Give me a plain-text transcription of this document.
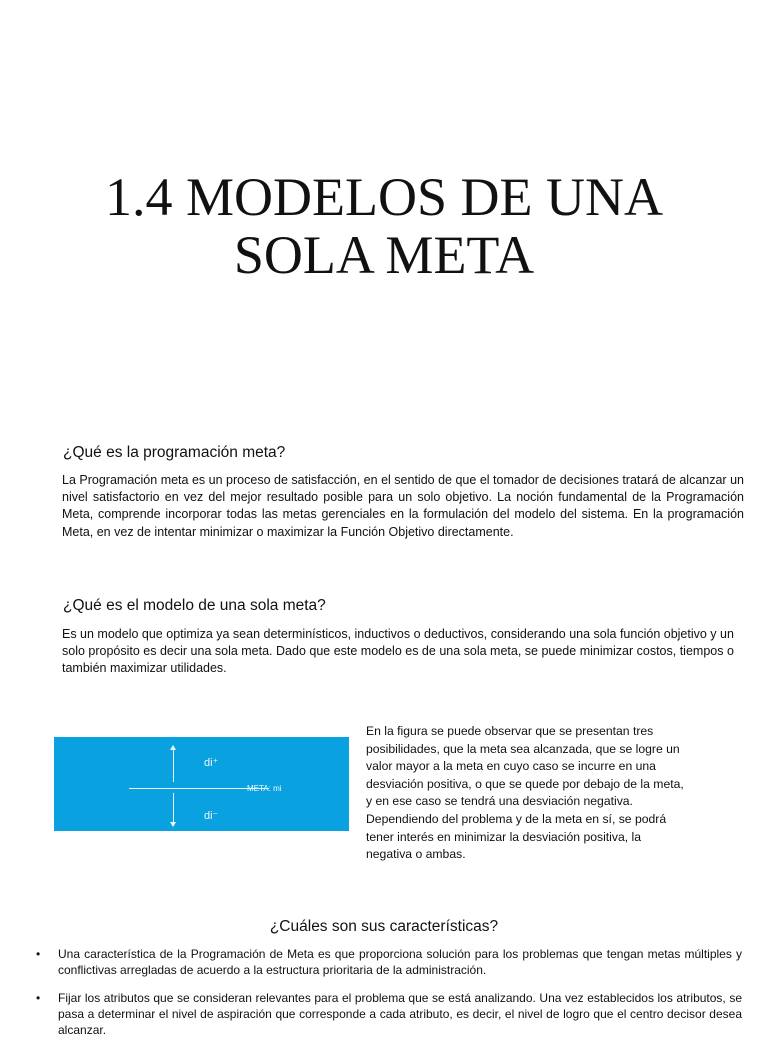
1.4 MODELOS DE UNA
SOLA META
¿Qué es la programación meta?
La Programación meta es un proceso de satisfacción, en el sentido de que el tomador de decisiones tratará de alcanzar un nivel satisfactorio en vez del mejor resultado posible para un solo objetivo. La noción fundamental de la Programación Meta, comprende incorporar todas las metas gerenciales en la formulación del modelo del sistema. En la programación Meta, en vez de intentar minimizar o maximizar la Función Objetivo directamente.
¿Qué es el modelo de una sola meta?
Es un modelo que optimiza ya sean determinísticos, inductivos o deductivos, considerando una sola función objetivo y un solo propósito es decir una sola meta. Dado que este modelo es de una sola meta, se puede minimizar costos, tiempos o también maximizar utilidades.
di⁺
META: mi
di⁻
En la figura se puede observar que se presentan tres posibilidades, que la meta sea alcanzada, que se logre un valor mayor a la meta en cuyo caso se incurre en una desviación positiva, o que se quede por debajo de la meta, y en ese caso se tendrá una desviación negativa. Dependiendo del problema y de la meta en sí, se podrá tener interés en minimizar la desviación positiva, la negativa o ambas.
¿Cuáles son sus características?
• Una característica de la Programación de Meta es que proporciona solución para los problemas que tengan metas múltiples y conflictivas arregladas de acuerdo a la estructura prioritaria de la administración.
• Fijar los atributos que se consideran relevantes para el problema que se está analizando. Una vez establecidos los atributos, se pasa a determinar el nivel de aspiración que corresponde a cada atributo, es decir, el nivel de logro que el centro decisor desea alcanzar.
